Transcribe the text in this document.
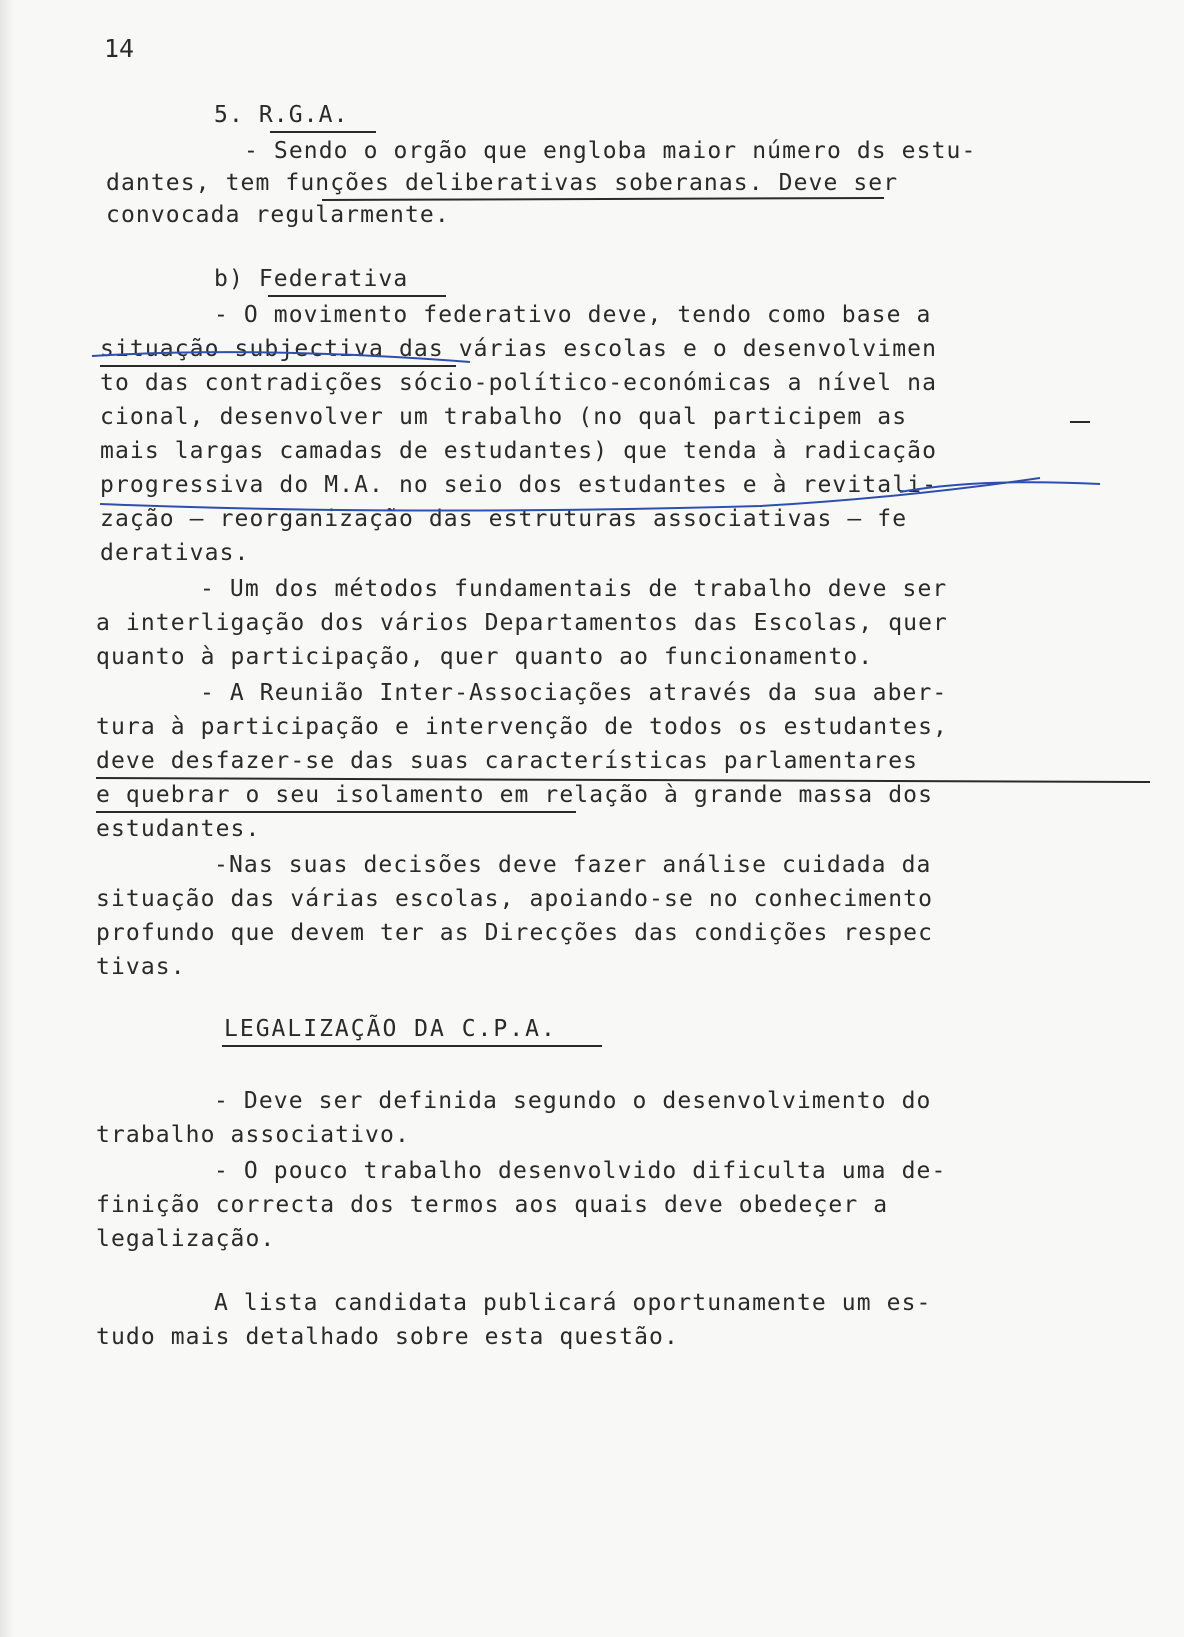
14
5. R.G.A.
- Sendo o orgão que engloba maior número ds estu-
dantes, tem funções deliberativas soberanas. Deve ser
convocada regularmente.
b) Federativa
- O movimento federativo deve, tendo como base a
situação subjectiva das várias escolas e o desenvolvimen
to das contradições sócio-político-económicas a nível na
cional, desenvolver um trabalho (no qual participem as
mais largas camadas de estudantes) que tenda à radicação
progressiva do M.A. no seio dos estudantes e à revitali-
zação — reorganização das estruturas associativas — fe
derativas.
- Um dos métodos fundamentais de trabalho deve ser
a interligação dos vários Departamentos das Escolas, quer
quanto à participação, quer quanto ao funcionamento.
- A Reunião Inter-Associações através da sua aber-
tura à participação e intervenção de todos os estudantes,
deve desfazer-se das suas características parlamentares
e quebrar o seu isolamento em relação à grande massa dos
estudantes.
-Nas suas decisões deve fazer análise cuidada da
situação das várias escolas, apoiando-se no conhecimento
profundo que devem ter as Direcções das condições respec
tivas.
LEGALIZAÇÃO DA C.P.A.
- Deve ser definida segundo o desenvolvimento do
trabalho associativo.
- O pouco trabalho desenvolvido dificulta uma de-
finição correcta dos termos aos quais deve obedeçer a
legalização.
A lista candidata publicará oportunamente um es-
tudo mais detalhado sobre esta questão.
